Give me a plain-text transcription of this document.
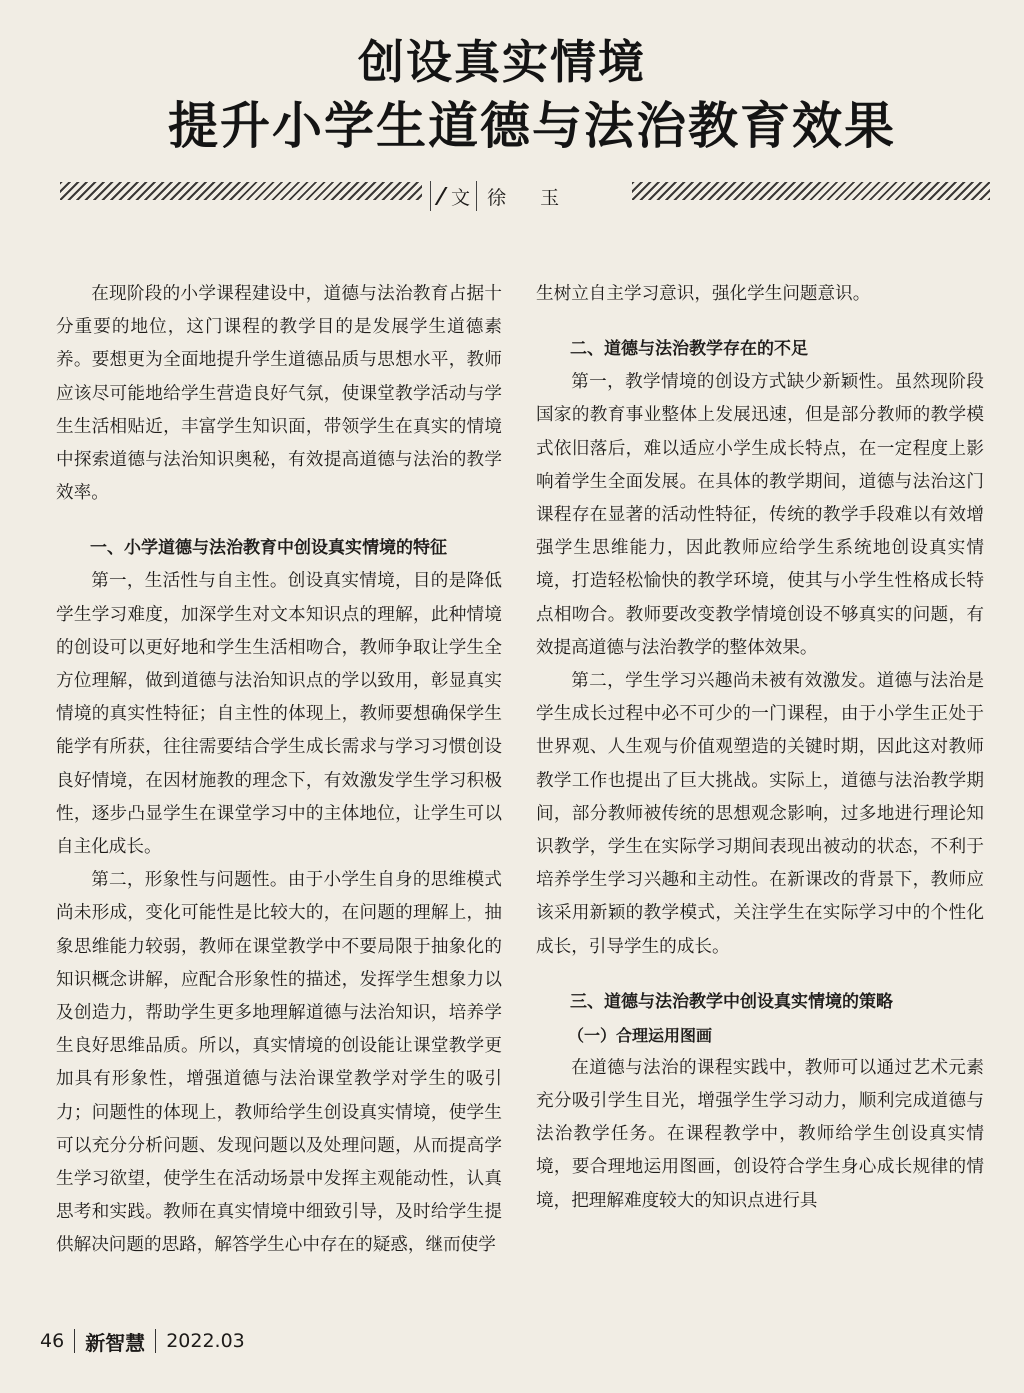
创设真实情境
提升小学生道德与法治教育效果
/ 文 徐 玉

在现阶段的小学课程建设中，道德与法治教育占据十分重要的地位，这门课程的教学目的是发展学生道德素养。要想更为全面地提升学生道德品质与思想水平，教师应该尽可能地给学生营造良好气氛，使课堂教学活动与学生生活相贴近，丰富学生知识面，带领学生在真实的情境中探索道德与法治知识奥秘，有效提高道德与法治的教学效率。

一、小学道德与法治教育中创设真实情境的特征

第一，生活性与自主性。创设真实情境，目的是降低学生学习难度，加深学生对文本知识点的理解，此种情境的创设可以更好地和学生生活相吻合，教师争取让学生全方位理解，做到道德与法治知识点的学以致用，彰显真实情境的真实性特征；自主性的体现上，教师要想确保学生能学有所获，往往需要结合学生成长需求与学习习惯创设良好情境，在因材施教的理念下，有效激发学生学习积极性，逐步凸显学生在课堂学习中的主体地位，让学生可以自主化成长。

第二，形象性与问题性。由于小学生自身的思维模式尚未形成，变化可能性是比较大的，在问题的理解上，抽象思维能力较弱，教师在课堂教学中不要局限于抽象化的知识概念讲解，应配合形象性的描述，发挥学生想象力以及创造力，帮助学生更多地理解道德与法治知识，培养学生良好思维品质。所以，真实情境的创设能让课堂教学更加具有形象性，增强道德与法治课堂教学对学生的吸引力；问题性的体现上，教师给学生创设真实情境，使学生可以充分分析问题、发现问题以及处理问题，从而提高学生学习欲望，使学生在活动场景中发挥主观能动性，认真思考和实践。教师在真实情境中细致引导，及时给学生提供解决问题的思路，解答学生心中存在的疑惑，继而使学

生树立自主学习意识，强化学生问题意识。

二、道德与法治教学存在的不足

第一，教学情境的创设方式缺少新颖性。虽然现阶段国家的教育事业整体上发展迅速，但是部分教师的教学模式依旧落后，难以适应小学生成长特点，在一定程度上影响着学生全面发展。在具体的教学期间，道德与法治这门课程存在显著的活动性特征，传统的教学手段难以有效增强学生思维能力，因此教师应给学生系统地创设真实情境，打造轻松愉快的教学环境，使其与小学生性格成长特点相吻合。教师要改变教学情境创设不够真实的问题，有效提高道德与法治教学的整体效果。

第二，学生学习兴趣尚未被有效激发。道德与法治是学生成长过程中必不可少的一门课程，由于小学生正处于世界观、人生观与价值观塑造的关键时期，因此这对教师教学工作也提出了巨大挑战。实际上，道德与法治教学期间，部分教师被传统的思想观念影响，过多地进行理论知识教学，学生在实际学习期间表现出被动的状态，不利于培养学生学习兴趣和主动性。在新课改的背景下，教师应该采用新颖的教学模式，关注学生在实际学习中的个性化成长，引导学生的成长。

三、道德与法治教学中创设真实情境的策略
（一）合理运用图画

在道德与法治的课程实践中，教师可以通过艺术元素充分吸引学生目光，增强学生学习动力，顺利完成道德与法治教学任务。在课程教学中，教师给学生创设真实情境，要合理地运用图画，创设符合学生身心成长规律的情境，把理解难度较大的知识点进行具

46 新智慧 2022.03
